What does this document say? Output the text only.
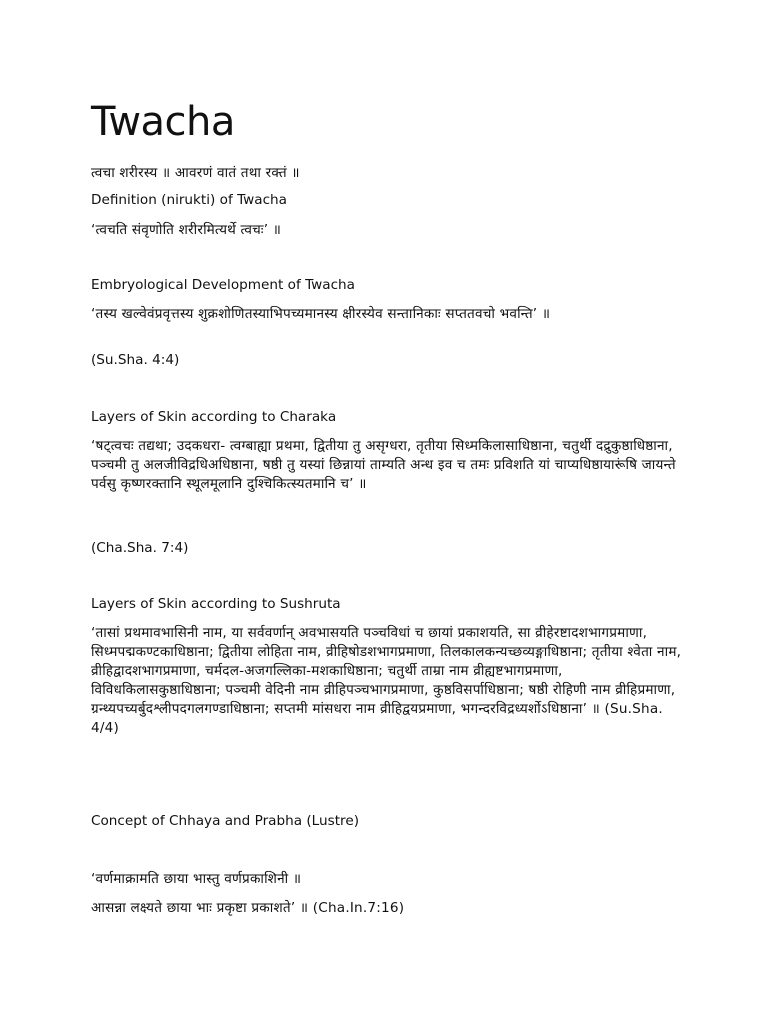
Twacha

त्वचा शरीरस्य ॥ आवरणं वातं तथा रक्तं ॥

Definition (nirukti) of Twacha

‘त्वचति संवृणोति शरीरमित्यर्थे त्वचः’ ॥

Embryological Development of Twacha

‘तस्य खल्वेवंप्रवृत्तस्य शुक्रशोणितस्याभिपच्यमानस्य क्षीरस्येव सन्तानिकाः सप्ततवचो भवन्ति’ ॥

(Su.Sha. 4:4)

Layers of Skin according to Charaka

‘षट्त्वचः तद्यथा; उदकधरा- त्वग्बाह्या प्रथमा, द्वितीया तु असृग्धरा, तृतीया सिध्मकिलासाधिष्ठाना, चतुर्थी दद्रुकुष्ठाधिष्ठाना, पञ्चमी तु अलजीविद्रधिअधिष्ठाना, षष्ठी तु यस्यां छिन्नायां ताम्यति अन्ध इव च तमः प्रविशति यां चाप्यधिष्ठायारूंषि जायन्ते पर्वसु कृष्णरक्तानि स्थूलमूलानि दुश्चिकित्स्यतमानि च’ ॥

(Cha.Sha. 7:4)

Layers of Skin according to Sushruta

‘तासां प्रथमावभासिनी नाम, या सर्ववर्णान् अवभासयति पञ्चविधां च छायां प्रकाशयति, सा व्रीहेरष्टादशभागप्रमाणा, सिध्मपद्मकण्टकाधिष्ठाना; द्वितीया लोहिता नाम, व्रीहिषोडशभागप्रमाणा, तिलकालकन्यच्छव्यङ्गाधिष्ठाना; तृतीया श्वेता नाम, व्रीहिद्वादशभागप्रमाणा, चर्मदल-अजगल्लिका-मशकाधिष्ठाना; चतुर्थी ताम्रा नाम व्रीह्यष्टभागप्रमाणा, विविधकिलासकुष्ठाधिष्ठाना; पञ्चमी वेदिनी नाम व्रीहिपञ्चभागप्रमाणा, कुष्ठविसर्पाधिष्ठाना; षष्ठी रोहिणी नाम व्रीहिप्रमाणा, ग्रन्थ्यपच्यर्बुदश्लीपदगलगण्डाधिष्ठाना; सप्तमी मांसधरा नाम व्रीहिद्वयप्रमाणा, भगन्दरविद्रध्यर्शोऽधिष्ठाना’ ॥ (Su.Sha. 4/4)

Concept of Chhaya and Prabha (Lustre)

‘वर्णमाक्रामति छाया भास्तु वर्णप्रकाशिनी ॥

आसन्ना लक्ष्यते छाया भाः प्रकृष्टा प्रकाशते’ ॥ (Cha.In.7:16)
